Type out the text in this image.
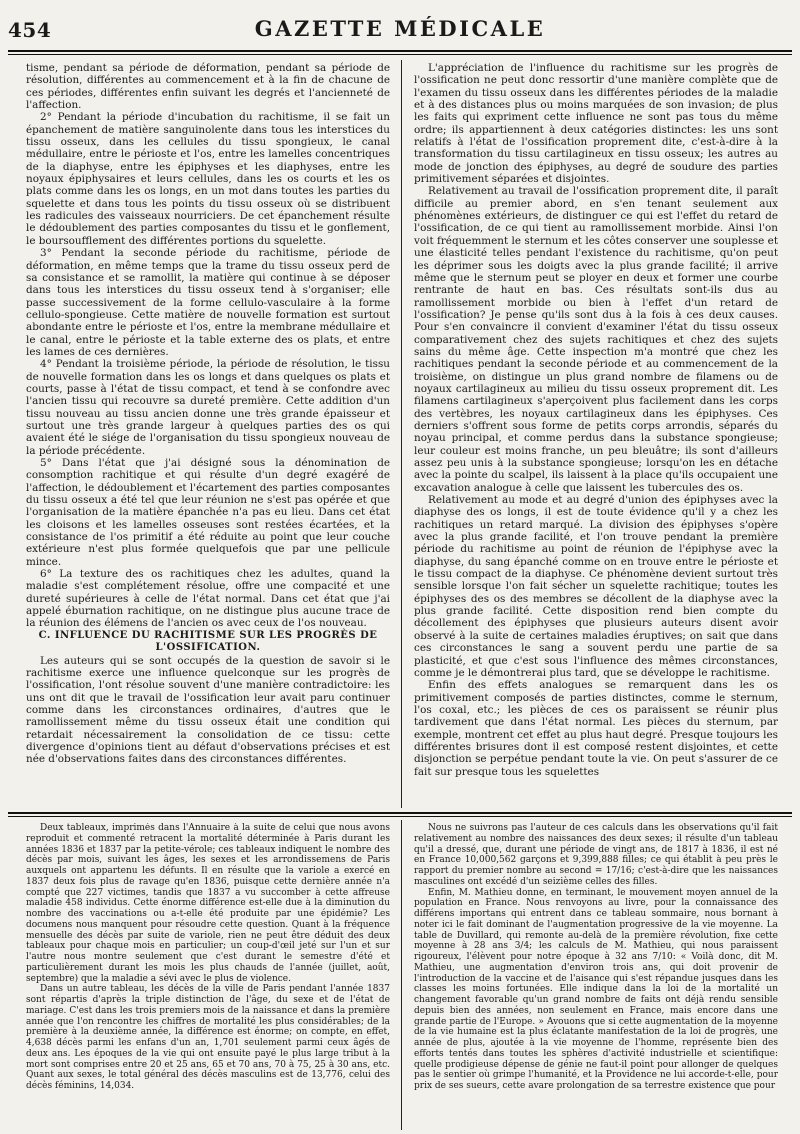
454	GAZETTE MÉDICALE

tisme, pendant sa période de déformation, pendant sa période de résolution, différentes au commencement et à la fin de chacune de ces périodes, différentes enfin suivant les degrés et l'ancienneté de l'affection.

2° Pendant la période d'incubation du rachitisme, il se fait un épanchement de matière sanguinolente dans tous les interstices du tissu osseux, dans les cellules du tissu spongieux, le canal médullaire, entre le périoste et l'os, entre les lamelles concentriques de la diaphyse, entre les épiphyses et les diaphyses, entre les noyaux épiphysaires et leurs cellules, dans les os courts et les os plats comme dans les os longs, en un mot dans toutes les parties du squelette et dans tous les points du tissu osseux où se distribuent les radicules des vaisseaux nourriciers. De cet épanchement résulte le dédoublement des parties composantes du tissu et le gonflement, le boursoufflement des différentes portions du squelette.

3° Pendant la seconde période du rachitisme, période de déformation, en même temps que la trame du tissu osseux perd de sa consistance et se ramollit, la matière qui continue à se déposer dans tous les interstices du tissu osseux tend à s'organiser; elle passe successivement de la forme cellulo-vasculaire à la forme cellulo-spongieuse. Cette matière de nouvelle formation est surtout abondante entre le périoste et l'os, entre la membrane médullaire et le canal, entre le périoste et la table externe des os plats, et entre les lames de ces dernières.

4° Pendant la troisième période, la période de résolution, le tissu de nouvelle formation dans les os longs et dans quelques os plats et courts, passe à l'état de tissu compact, et tend à se confondre avec l'ancien tissu qui recouvre sa dureté première. Cette addition d'un tissu nouveau au tissu ancien donne une très grande épaisseur et surtout une très grande largeur à quelques parties des os qui avaient été le siége de l'organisation du tissu spongieux nouveau de la période précédente.

5° Dans l'état que j'ai désigné sous la dénomination de consomption rachitique et qui résulte d'un degré exagéré de l'affection, le dédoublement et l'écartement des parties composantes du tissu osseux a été tel que leur réunion ne s'est pas opérée et que l'organisation de la matière épanchée n'a pas eu lieu. Dans cet état les cloisons et les lamelles osseuses sont restées écartées, et la consistance de l'os primitif a été réduite au point que leur couche extérieure n'est plus formée quelquefois que par une pellicule mince.

6° La texture des os rachitiques chez les adultes, quand la maladie s'est complétement résolue, offre une compacité et une dureté supérieures à celle de l'état normal. Dans cet état que j'ai appelé éburnation rachitique, on ne distingue plus aucune trace de la réunion des élémens de l'ancien os avec ceux de l'os nouveau.

C. INFLUENCE DU RACHITISME SUR LES PROGRÈS DE L'OSSIFICATION.

Les auteurs qui se sont occupés de la question de savoir si le rachitisme exerce une influence quelconque sur les progrès de l'ossification, l'ont résolue souvent d'une manière contradictoire: les uns ont dit que le travail de l'ossification leur avait paru continuer comme dans les circonstances ordinaires, d'autres que le ramollissement même du tissu osseux était une condition qui retardait nécessairement la consolidation de ce tissu: cette divergence d'opinions tient au défaut d'observations précises et est née d'observations faites dans des circonstances différentes.

L'appréciation de l'influence du rachitisme sur les progrès de l'ossification ne peut donc ressortir d'une manière complète que de l'examen du tissu osseux dans les différentes périodes de la maladie et à des distances plus ou moins marquées de son invasion; de plus les faits qui expriment cette influence ne sont pas tous du même ordre; ils appartiennent à deux catégories distinctes: les uns sont relatifs à l'état de l'ossification proprement dite, c'est-à-dire à la transformation du tissu cartilagineux en tissu osseux; les autres au mode de jonction des épiphyses, au degré de soudure des parties primitivement séparées et disjointes.

Relativement au travail de l'ossification proprement dite, il paraît difficile au premier abord, en s'en tenant seulement aux phénomènes extérieurs, de distinguer ce qui est l'effet du retard de l'ossification, de ce qui tient au ramollissement morbide. Ainsi l'on voit fréquemment le sternum et les côtes conserver une souplesse et une élasticité telles pendant l'existence du rachitisme, qu'on peut les déprimer sous les doigts avec la plus grande facilité; il arrive même que le sternum peut se ployer en deux et former une courbe rentrante de haut en bas. Ces résultats sont-ils dus au ramollissement morbide ou bien à l'effet d'un retard de l'ossification? Je pense qu'ils sont dus à la fois à ces deux causes. Pour s'en convaincre il convient d'examiner l'état du tissu osseux comparativement chez des sujets rachitiques et chez des sujets sains du même âge. Cette inspection m'a montré que chez les rachitiques pendant la seconde période et au commencement de la troisième, on distingue un plus grand nombre de filamens ou de noyaux cartilagineux au milieu du tissu osseux proprement dit. Les filamens cartilagineux s'aperçoivent plus facilement dans les corps des vertèbres, les noyaux cartilagineux dans les épiphyses. Ces derniers s'offrent sous forme de petits corps arrondis, séparés du noyau principal, et comme perdus dans la substance spongieuse; leur couleur est moins franche, un peu bleuâtre; ils sont d'ailleurs assez peu unis à la substance spongieuse; lorsqu'on les en détache avec la pointe du scalpel, ils laissent à la place qu'ils occupaient une excavation analogue à celle que laissent les tubercules des os.

Relativement au mode et au degré d'union des épiphyses avec la diaphyse des os longs, il est de toute évidence qu'il y a chez les rachitiques un retard marqué. La division des épiphyses s'opère avec la plus grande facilité, et l'on trouve pendant la première période du rachitisme au point de réunion de l'épiphyse avec la diaphyse, du sang épanché comme on en trouve entre le périoste et le tissu compact de la diaphyse. Ce phénomène devient surtout très sensible lorsque l'on fait sécher un squelette rachitique; toutes les épiphyses des os des membres se décollent de la diaphyse avec la plus grande facilité. Cette disposition rend bien compte du décollement des épiphyses que plusieurs auteurs disent avoir observé à la suite de certaines maladies éruptives; on sait que dans ces circonstances le sang a souvent perdu une partie de sa plasticité, et que c'est sous l'influence des mêmes circonstances, comme je le démontrerai plus tard, que se développe le rachitisme.

Enfin des effets analogues se remarquent dans les os primitivement composés de parties distinctes, comme le sternum, l'os coxal, etc.; les pièces de ces os paraissent se réunir plus tardivement que dans l'état normal. Les pièces du sternum, par exemple, montrent cet effet au plus haut degré. Presque toujours les différentes brisures dont il est composé restent disjointes, et cette disjonction se perpétue pendant toute la vie. On peut s'assurer de ce fait sur presque tous les squelettes

Deux tableaux, imprimés dans l'Annuaire à la suite de celui que nous avons reproduit et commenté retracent la mortalité déterminée à Paris durant les années 1836 et 1837 par la petite-vérole; ces tableaux indiquent le nombre des décès par mois, suivant les âges, les sexes et les arrondissemens de Paris auxquels ont appartenu les défunts. Il en résulte que la variole a exercé en 1837 deux fois plus de ravage qu'en 1836, puisque cette dernière année n'a compté que 227 victimes, tandis que 1837 a vu succomber à cette affreuse maladie 458 individus. Cette énorme différence est-elle due à la diminution du nombre des vaccinations ou a-t-elle été produite par une épidémie? Les documens nous manquent pour résoudre cette question. Quant à la fréquence mensuelle des décès par suite de variole, rien ne peut être déduit des deux tableaux pour chaque mois en particulier; un coup-d'œil jeté sur l'un et sur l'autre nous montre seulement que c'est durant le semestre d'été et particulièrement durant les mois les plus chauds de l'année (juillet, août, septembre) que la maladie a sévi avec le plus de violence.

Dans un autre tableau, les décès de la ville de Paris pendant l'année 1837 sont répartis d'après la triple distinction de l'âge, du sexe et de l'état de mariage. C'est dans les trois premiers mois de la naissance et dans la première année que l'on rencontre les chiffres de mortalité les plus considérables; de la première à la deuxième année, la différence est énorme; on compte, en effet, 4,638 décès parmi les enfans d'un an, 1,701 seulement parmi ceux âgés de deux ans. Les époques de la vie qui ont ensuite payé le plus large tribut à la mort sont comprises entre 20 et 25 ans, 65 et 70 ans, 70 à 75, 25 à 30 ans, etc. Quant aux sexes, le total général des décès masculins est de 13,776, celui des décès féminins, 14,034.

Nous ne suivrons pas l'auteur de ces calculs dans les observations qu'il fait relativement au nombre des naissances des deux sexes; il résulte d'un tableau qu'il a dressé, que, durant une période de vingt ans, de 1817 à 1836, il est né en France 10,000,562 garçons et 9,399,888 filles; ce qui établit à peu près le rapport du premier nombre au second = 17/16; c'est-à-dire que les naissances masculines ont excédé d'un seizième celles des filles.

Enfin, M. Mathieu donne, en terminant, le mouvement moyen annuel de la population en France. Nous renvoyons au livre, pour la connaissance des différens importans qui entrent dans ce tableau sommaire, nous bornant à noter ici le fait dominant de l'augmentation progressive de la vie moyenne. La table de Duvillard, qui remonte au-delà de la première révolution, fixe cette moyenne à 28 ans 3/4; les calculs de M. Mathieu, qui nous paraissent rigoureux, l'élèvent pour notre époque à 32 ans 7/10: « Voilà donc, dit M. Mathieu, une augmentation d'environ trois ans, qui doit provenir de l'introduction de la vaccine et de l'aisance qui s'est répandue jusques dans les classes les moins fortunées. Elle indique dans la loi de la mortalité un changement favorable qu'un grand nombre de faits ont déjà rendu sensible depuis bien des années, non seulement en France, mais encore dans une grande partie de l'Europe. » Avouons que si cette augmentation de la moyenne de la vie humaine est la plus éclatante manifestation de la loi de progrès, une année de plus, ajoutée à la vie moyenne de l'homme, représente bien des efforts tentés dans toutes les sphères d'activité industrielle et scientifique: quelle prodigieuse dépense de génie ne faut-il point pour allonger de quelques pas le sentier où grimpe l'humanité, et la Providence ne lui accorde-t-elle, pour prix de ses sueurs, cette avare prolongation de sa terrestre existence que pour
